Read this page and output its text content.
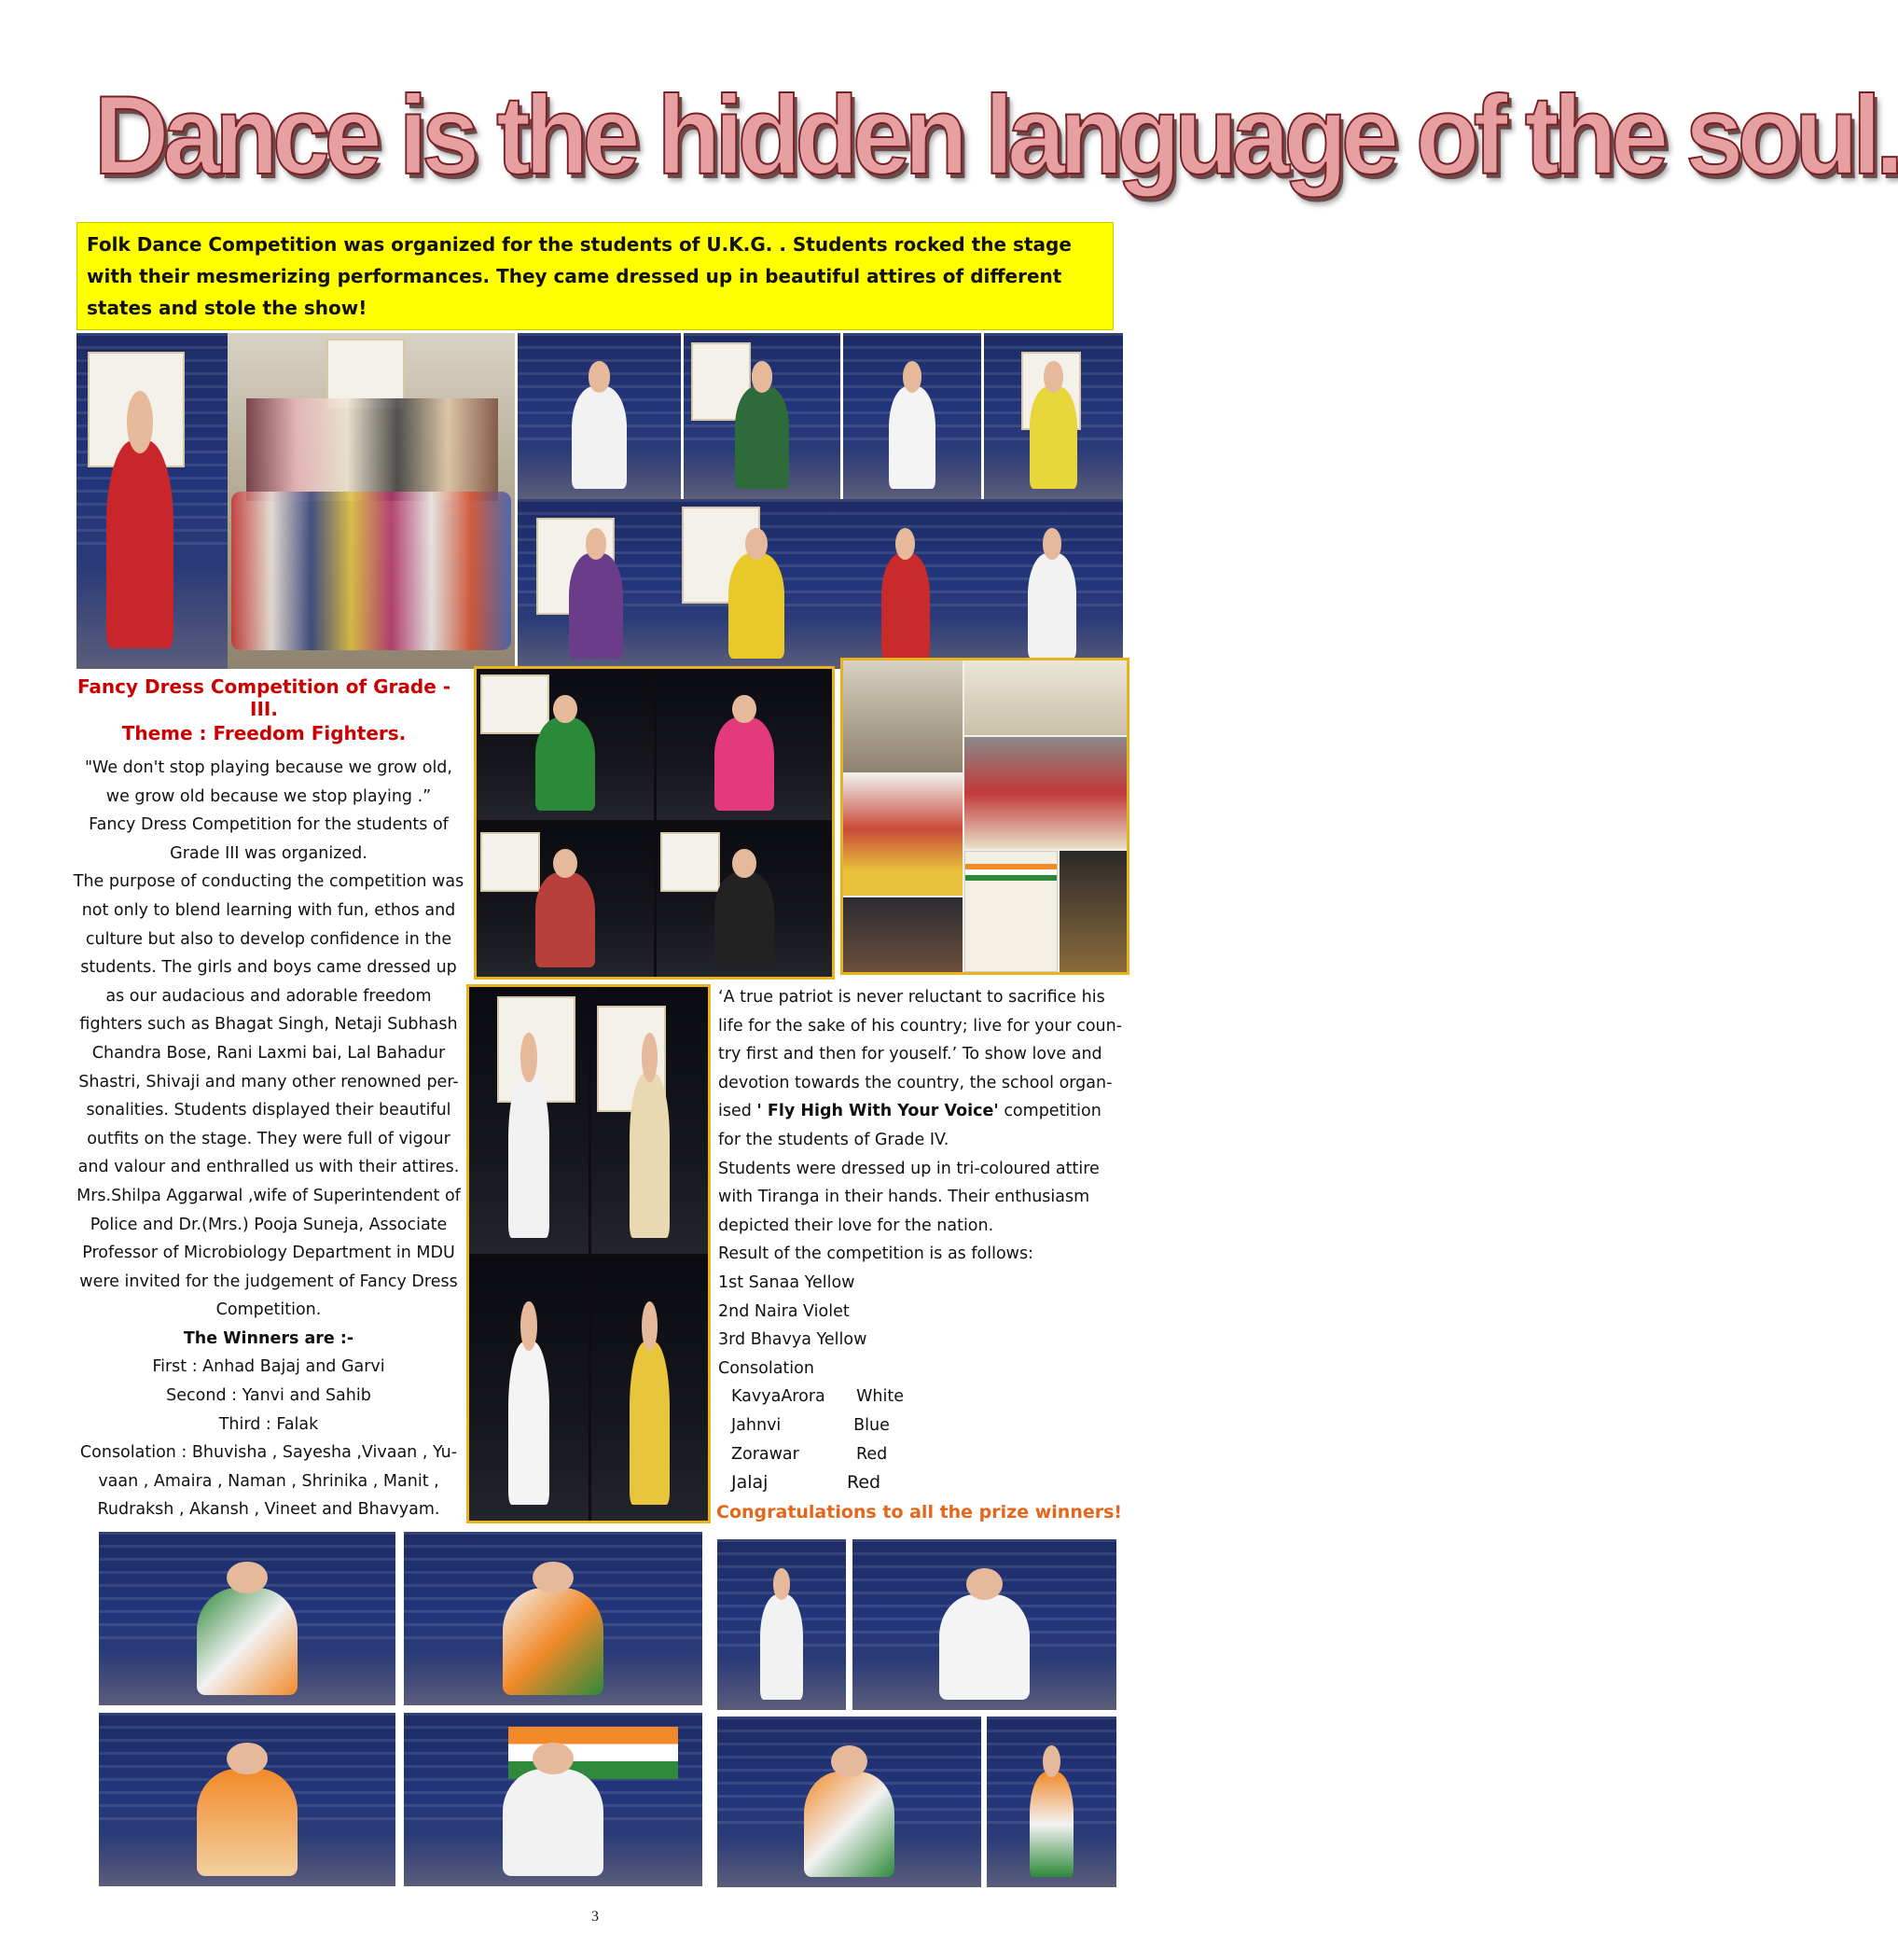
Dance is the hidden language of the soul.
Folk Dance Competition was organized for the students of U.K.G. . Students rocked the stage with their mesmerizing performances. They came dressed up in beautiful attires of different states and stole the show!
Fancy Dress Competition of Grade -III.
Theme : Freedom Fighters.

"We don't stop playing because we grow old, we grow old because we stop playing .”

Fancy Dress Competition for the students of Grade III was organized.

The purpose of conducting the competition was not only to blend learning with fun, ethos and culture but also to develop confidence in the students. The girls and boys came dressed up as our audacious and adorable freedom fighters such as Bhagat Singh, Netaji Subhash Chandra Bose, Rani Laxmi bai, Lal Bahadur Shastri, Shivaji and many other renowned per-sonalities. Students displayed their beautiful outfits on the stage. They were full of vigour and valour and enthralled us with their attires. Mrs.Shilpa Aggarwal ,wife of Superintendent of Police and Dr.(Mrs.) Pooja Suneja, Associate Professor of Microbiology Department in MDU were invited for the judgement of Fancy Dress Competition.

The Winners are :-

First : Anhad Bajaj and Garvi

Second : Yanvi and Sahib

Third : Falak

Consolation : Bhuvisha , Sayesha ,Vivaan , Yu-vaan , Amaira , Naman , Shrinika , Manit , Rudraksh , Akansh , Vineet and Bhavyam.

‘A true patriot is never reluctant to sacrifice his life for the sake of his country; live for your coun-try first and then for youself.’ To show love and devotion towards the country, the school organ-ised ' Fly High With Your Voice' competition for the students of Grade IV.

Students were dressed up in tri-coloured attire with Tiranga in their hands. Their enthusiasm depicted their love for the nation.

Result of the competition is as follows:

1st Sanaa Yellow

2nd Naira Violet

3rd Bhavya Yellow

Consolation

KavyaArora      White

Jahnvi              Blue

Zorawar           Red

Jalaj              Red

Congratulations to all the prize winners!
3
